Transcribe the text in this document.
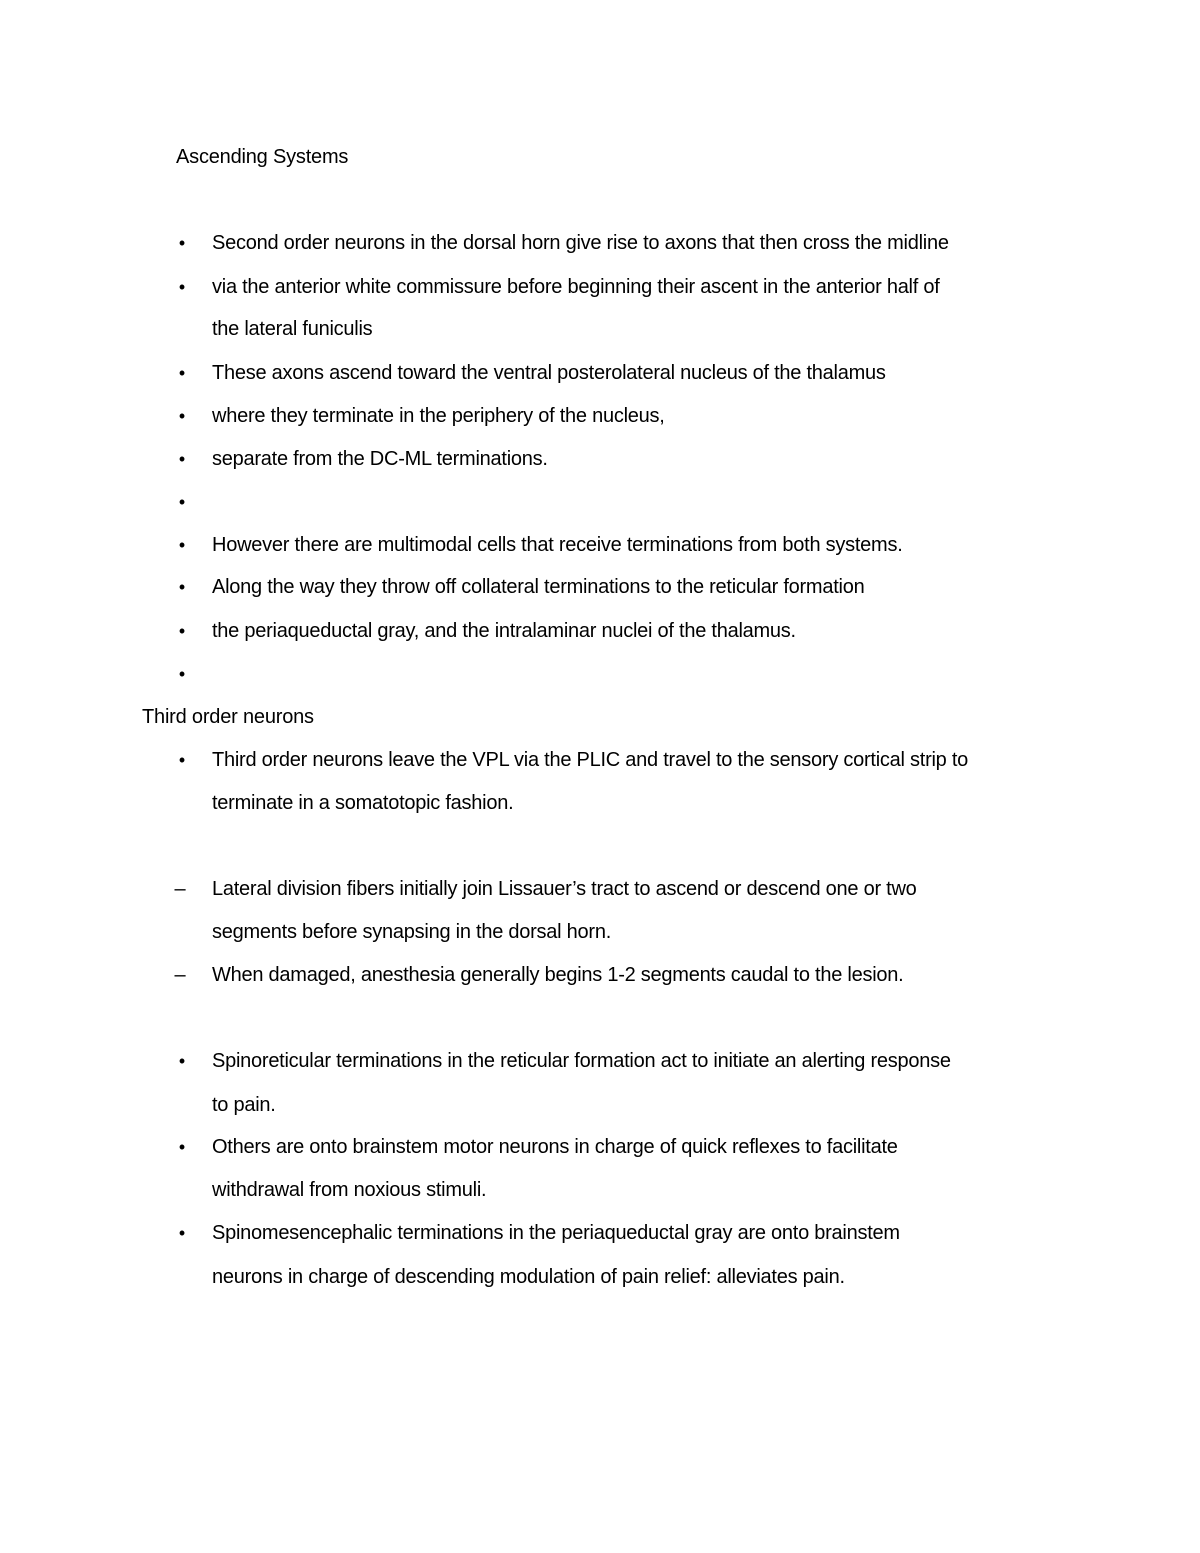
Ascending Systems
•	Second order neurons in the dorsal horn give rise to axons that then cross the midline
•	via the anterior white commissure before beginning their ascent in the anterior half of
the lateral funiculis
•	These axons ascend toward the ventral posterolateral nucleus of the thalamus
•	where they terminate in the periphery of the nucleus,
•	separate from the DC-ML terminations.
•
•	However there are multimodal cells that receive terminations from both systems.
•	Along the way they throw off collateral terminations to the reticular formation
•	the periaqueductal gray, and the intralaminar nuclei of the thalamus.
•
Third order neurons
•	Third order neurons leave the VPL via the PLIC and travel to the sensory cortical strip to
terminate in a somatotopic fashion.
–	Lateral division fibers initially join Lissauer’s tract to ascend or descend one or two
segments before synapsing in the dorsal horn.
–	When damaged, anesthesia generally begins 1-2 segments caudal to the lesion.
•	Spinoreticular terminations in the reticular formation act to initiate an alerting response
to pain.
•	Others are onto brainstem motor neurons in charge of quick reflexes to facilitate
withdrawal from noxious stimuli.
•	Spinomesencephalic terminations in the periaqueductal gray are onto brainstem
neurons in charge of descending modulation of pain relief: alleviates pain.
